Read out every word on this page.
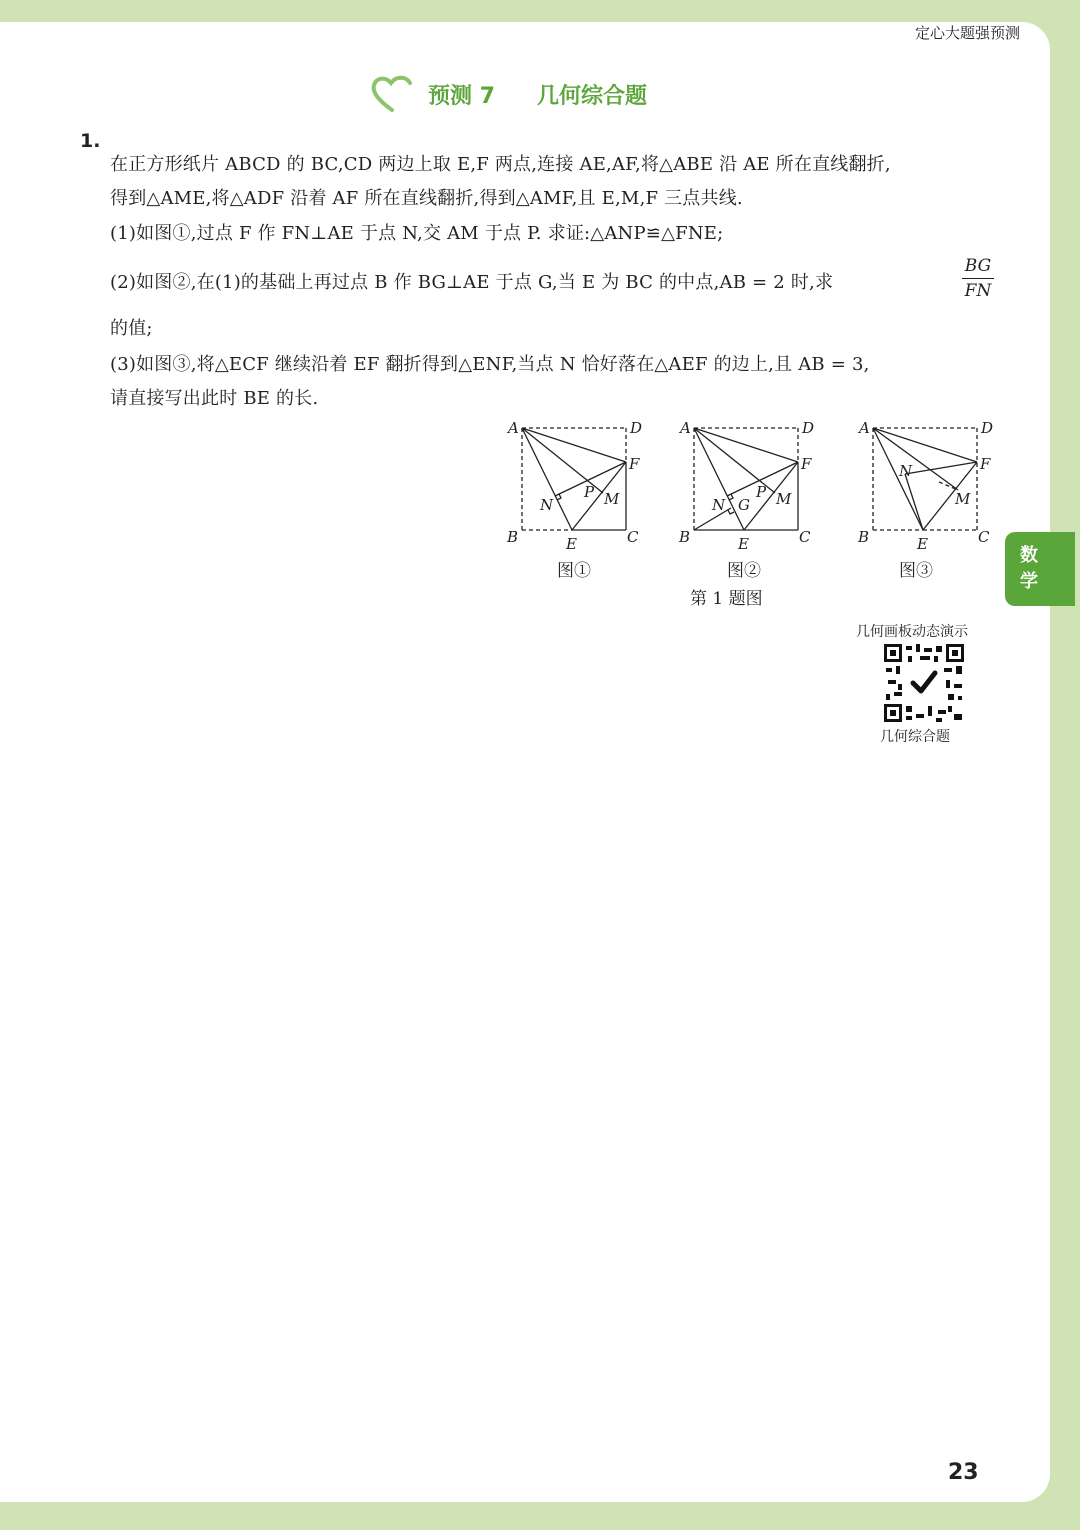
定心大题强预测
预测 7 几何综合题
1.
在正方形纸片 ABCD 的 BC,CD 两边上取 E,F 两点,连接 AE,AF,将△ABE 沿 AE 所在直线翻折,
得到△AME,将△ADF 沿着 AF 所在直线翻折,得到△AMF,且 E,M,F 三点共线.
(1)如图①,过点 F 作 FN⊥AE 于点 N,交 AM 于点 P. 求证:△ANP≌△FNE;
(2)如图②,在(1)的基础上再过点 B 作 BG⊥AE 于点 G,当 E 为 BC 的中点,AB = 2 时,求	$\frac{BG}{FN}$
的值;
(3)如图③,将△ECF 继续沿着 EF 翻折得到△ENF,当点 N 恰好落在△AEF 的边上,且 AB = 3,
请直接写出此时 BE 的长.
A	D
F
P M
N
B	E	C
A	D
F
P M
N G
B	E	C
A	D
F
N
M
B	E	C
图①	图②	图③
第 1 题图
几何画板动态演示
几何综合题
数
学
23
